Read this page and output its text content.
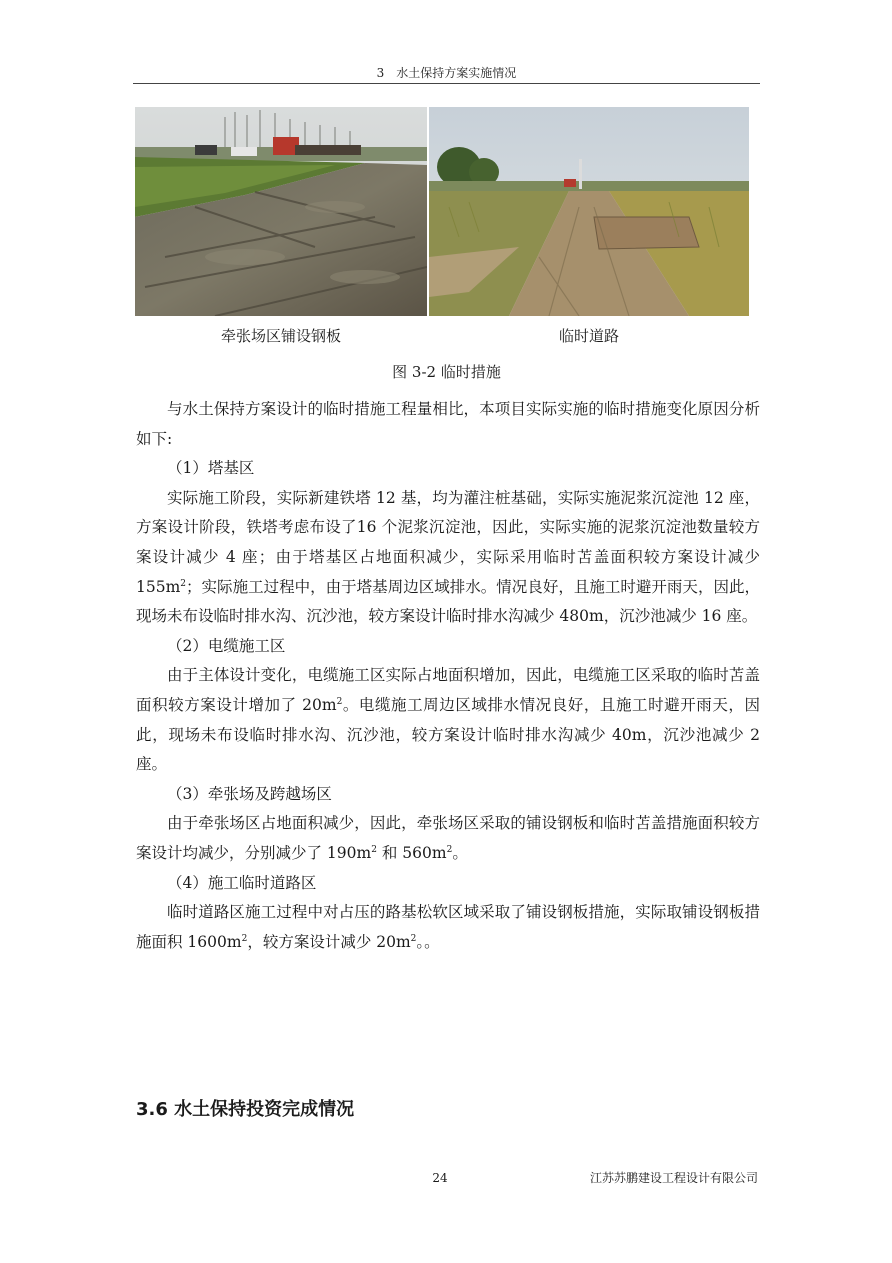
3　水土保持方案实施情况
牵张场区铺设钢板	临时道路
图 3-2 临时措施

与水土保持方案设计的临时措施工程量相比，本项目实际实施的临时措施变化原因分析如下:

（1）塔基区

实际施工阶段，实际新建铁塔 12 基，均为灌注桩基础，实际实施泥浆沉淀池 12 座，方案设计阶段，铁塔考虑布设了16 个泥浆沉淀池，因此，实际实施的泥浆沉淀池数量较方案设计减少 4 座；由于塔基区占地面积减少，实际采用临时苫盖面积较方案设计减少 $155m^2$；实际施工过程中，由于塔基周边区域排水。情况良好，且施工时避开雨天，因此，现场未布设临时排水沟、沉沙池，较方案设计临时排水沟减少 480m，沉沙池减少 16 座。

（2）电缆施工区

由于主体设计变化，电缆施工区实际占地面积增加，因此，电缆施工区采取的临时苫盖面积较方案设计增加了 $20m^2$。电缆施工周边区域排水情况良好，且施工时避开雨天，因此，现场未布设临时排水沟、沉沙池，较方案设计临时排水沟减少 40m，沉沙池减少 2 座。

（3）牵张场及跨越场区

由于牵张场区占地面积减少，因此，牵张场区采取的铺设钢板和临时苫盖措施面积较方案设计均减少，分别减少了 $190m^2$ 和 $560m^2$。

（4）施工临时道路区

临时道路区施工过程中对占压的路基松软区域采取了铺设钢板措施，实际取铺设钢板措施面积 $1600m^2$，较方案设计减少 $20m^2$。。

3.6 水土保持投资完成情况
24	江苏苏鹏建设工程设计有限公司
